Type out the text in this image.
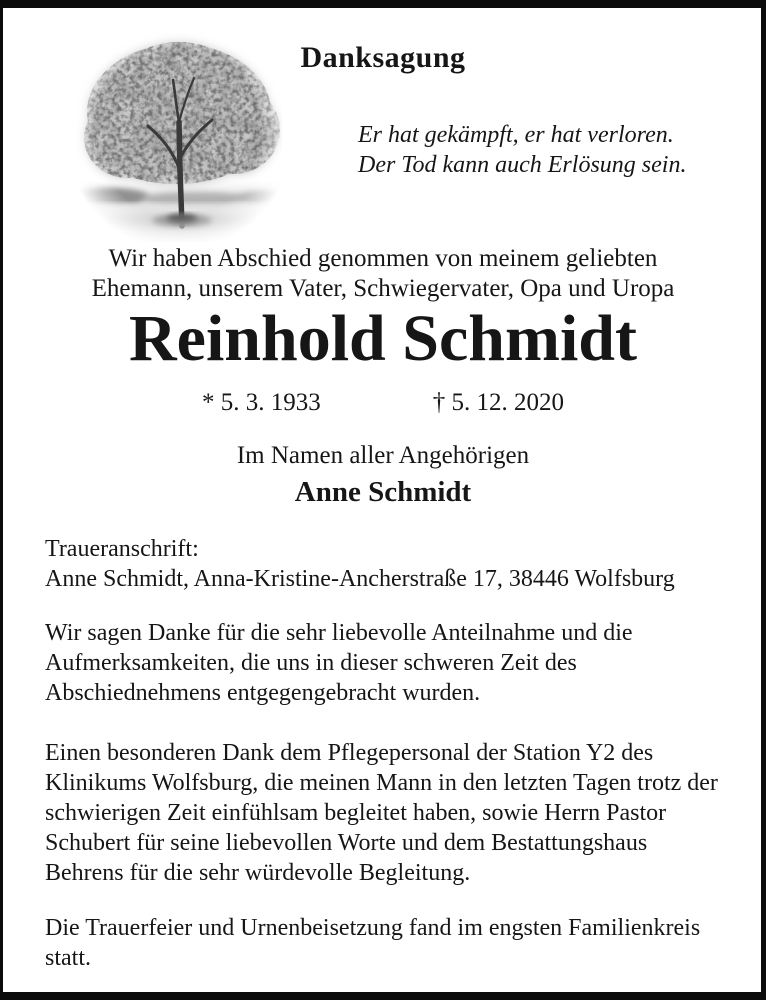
Danksagung
Er hat gekämpft, er hat verloren.
Der Tod kann auch Erlösung sein.
Wir haben Abschied genommen von meinem geliebten
Ehemann, unserem Vater, Schwiegervater, Opa und Uropa
Reinhold Schmidt
* 5. 3. 1933	† 5. 12. 2020
Im Namen aller Angehörigen
Anne Schmidt
Traueranschrift:
Anne Schmidt, Anna-Kristine-Ancherstraße 17, 38446 Wolfsburg

Wir sagen Danke für die sehr liebevolle Anteilnahme und die Aufmerksamkeiten, die uns in dieser schweren Zeit des Abschiednehmens entgegengebracht wurden.

Einen besonderen Dank dem Pflegepersonal der Station Y2 des Klinikums Wolfsburg, die meinen Mann in den letzten Tagen trotz der schwierigen Zeit einfühlsam begleitet haben, sowie Herrn Pastor Schubert für seine liebevollen Worte und dem Bestattungshaus Behrens für die sehr würdevolle Begleitung.

Die Trauerfeier und Urnenbeisetzung fand im engsten Familienkreis statt.
